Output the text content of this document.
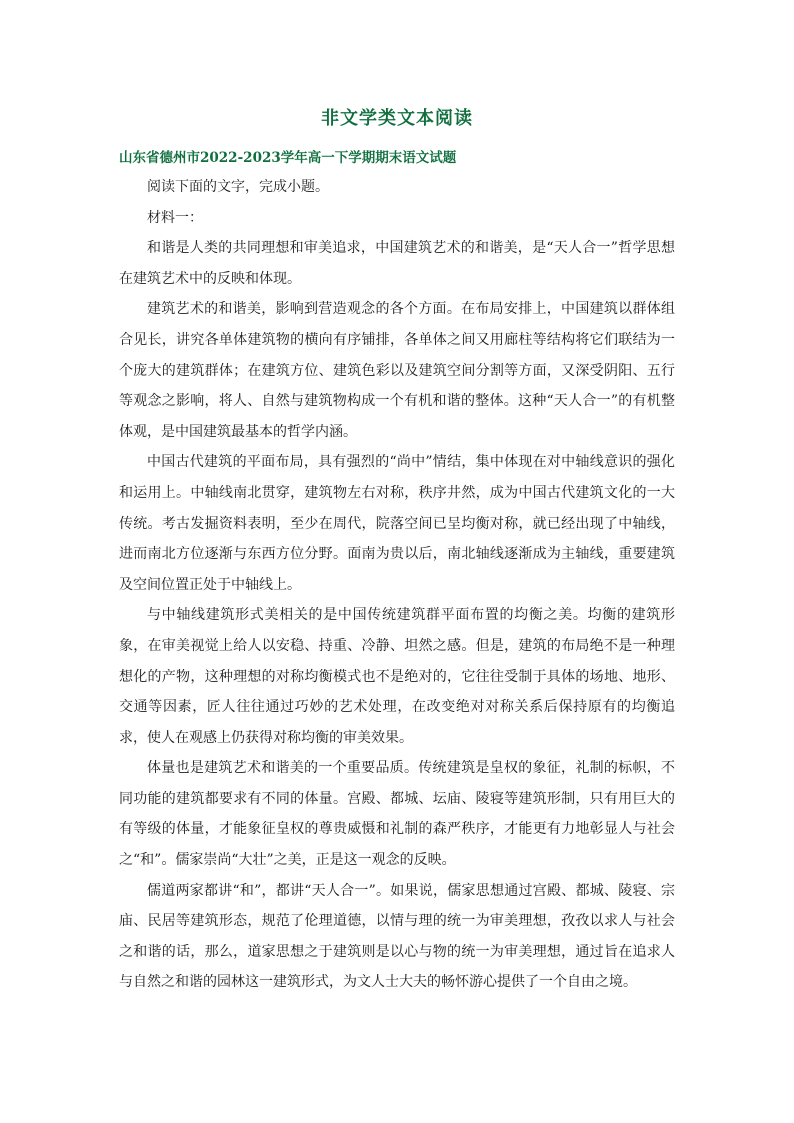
非文学类文本阅读
山东省德州市2022-2023学年高一下学期期末语文试题

阅读下面的文字，完成小题。

材料一：

和谐是人类的共同理想和审美追求，中国建筑艺术的和谐美，是“天人合一”哲学思想在建筑艺术中的反映和体现。

建筑艺术的和谐美，影响到营造观念的各个方面。在布局安排上，中国建筑以群体组合见长，讲究各单体建筑物的横向有序铺排，各单体之间又用廊柱等结构将它们联结为一个庞大的建筑群体；在建筑方位、建筑色彩以及建筑空间分割等方面，又深受阴阳、五行等观念之影响，将人、自然与建筑物构成一个有机和谐的整体。这种“天人合一”的有机整体观，是中国建筑最基本的哲学内涵。

中国古代建筑的平面布局，具有强烈的“尚中”情结，集中体现在对中轴线意识的强化和运用上。中轴线南北贯穿，建筑物左右对称，秩序井然，成为中国古代建筑文化的一大传统。考古发掘资料表明，至少在周代，院落空间已呈均衡对称，就已经出现了中轴线，进而南北方位逐渐与东西方位分野。面南为贵以后，南北轴线逐渐成为主轴线，重要建筑及空间位置正处于中轴线上。

与中轴线建筑形式美相关的是中国传统建筑群平面布置的均衡之美。均衡的建筑形象，在审美视觉上给人以安稳、持重、冷静、坦然之感。但是，建筑的布局绝不是一种理想化的产物，这种理想的对称均衡模式也不是绝对的，它往往受制于具体的场地、地形、交通等因素，匠人往往通过巧妙的艺术处理，在改变绝对对称关系后保持原有的均衡追求，使人在观感上仍获得对称均衡的审美效果。

体量也是建筑艺术和谐美的一个重要品质。传统建筑是皇权的象征，礼制的标帜，不同功能的建筑都要求有不同的体量。宫殿、都城、坛庙、陵寝等建筑形制，只有用巨大的有等级的体量，才能象征皇权的尊贵威慑和礼制的森严秩序，才能更有力地彰显人与社会之“和”。儒家崇尚“大壮”之美，正是这一观念的反映。

儒道两家都讲“和”，都讲“天人合一”。如果说，儒家思想通过宫殿、都城、陵寝、宗庙、民居等建筑形态，规范了伦理道德，以情与理的统一为审美理想，孜孜以求人与社会之和谐的话，那么，道家思想之于建筑则是以心与物的统一为审美理想，通过旨在追求人与自然之和谐的园林这一建筑形式，为文人士大夫的畅怀游心提供了一个自由之境。
